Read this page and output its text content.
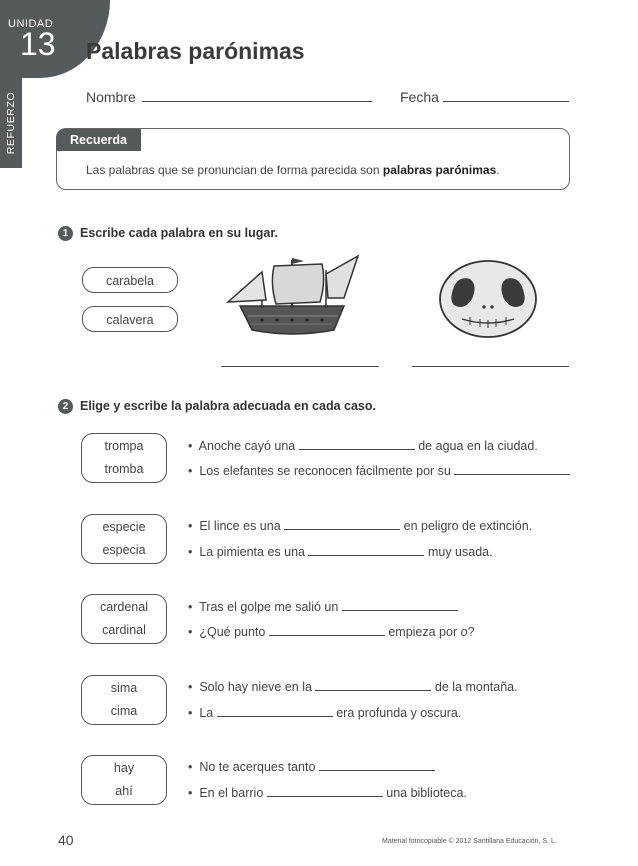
UNIDAD
13
REFUERZO
Palabras parónimas
Nombre	Fecha
Recuerda
Las palabras que se pronuncian de forma parecida son palabras parónimas.
1 Escribe cada palabra en su lugar.
carabela
calavera
2 Elige y escribe la palabra adecuada en cada caso.
trompa
tromba
• Anoche cayó una	de agua en la ciudad.
• Los elefantes se reconocen fácilmente por su
especie
especia
• El lince es una	en peligro de extinción.
• La pimienta es una	muy usada.
cardenal
cardinal
• Tras el golpe me salió un
• ¿Qué punto	empieza por o?
sima
cima
• Solo hay nieve en la	de la montaña.
• La	era profunda y oscura.
hay
ahí
• No te acerques tanto
• En el barrio	una biblioteca.
40	Material fotocopiable © 2012 Santillana Educación, S. L.
